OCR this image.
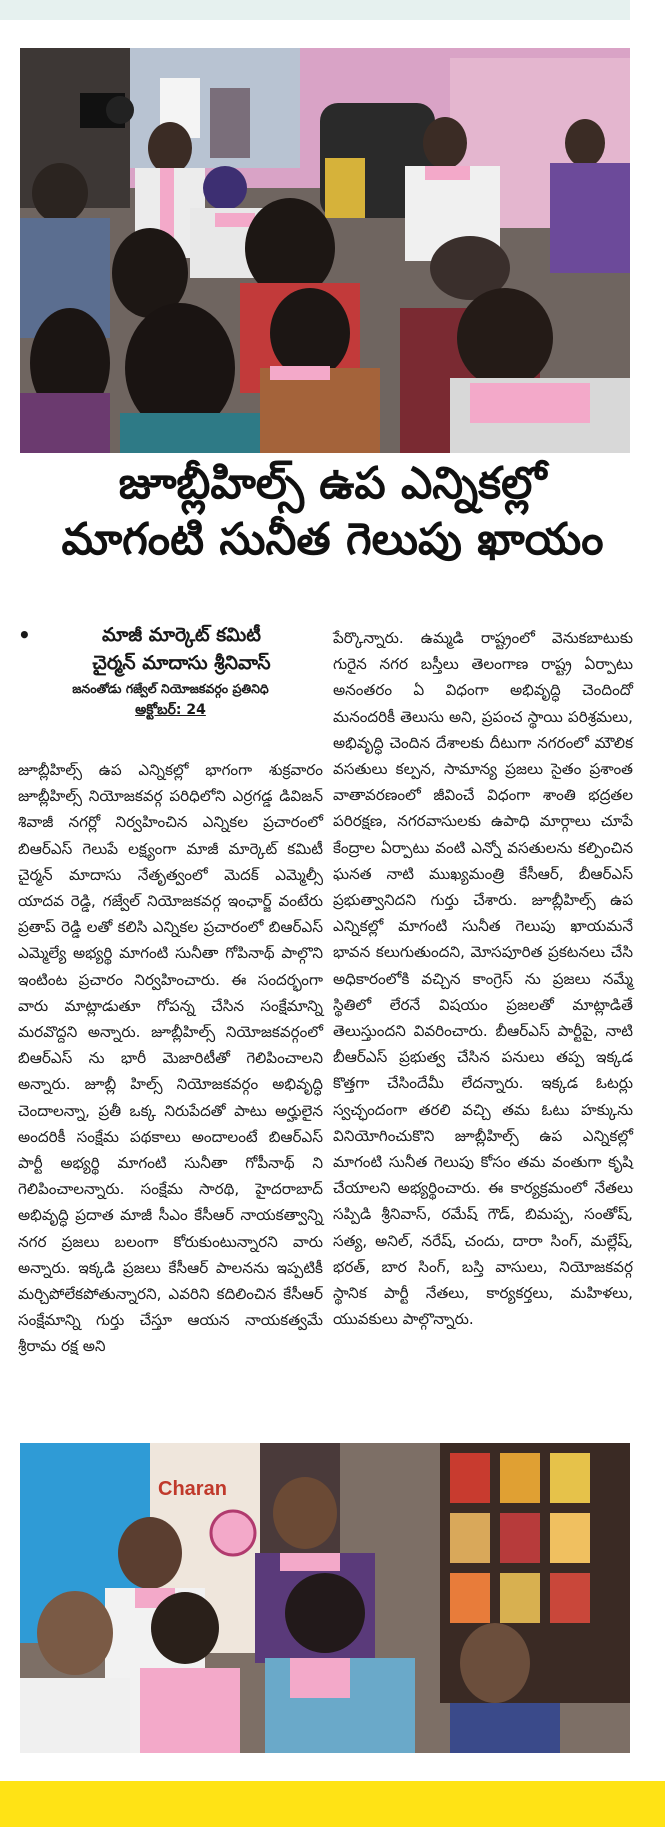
జూబ్లీహిల్స్ ఉప ఎన్నికల్లో
మాగంటి సునీత గెలుపు ఖాయం
•	మాజీ మార్కెట్ కమిటీ
చైర్మన్ మాదాసు శ్రీనివాస్
జనంతోడు గజ్వేల్ నియోజకవర్గం ప్రతినిధి
అక్టోబర్: 24
జూబ్లీహిల్స్ ఉప ఎన్నికల్లో భాగంగా శుక్రవారం జూబ్లీహిల్స్ నియోజకవర్గ పరిధిలోని ఎర్రగడ్డ డివిజన్ శివాజీ నగర్లో నిర్వహించిన ఎన్నికల ప్రచారంలో బిఆర్ఎస్ గెలుపే లక్ష్యంగా మాజీ మార్కెట్ కమిటీ చైర్మన్ మాదాసు నేతృత్వంలో మెదక్ ఎమ్మెల్సీ యాదవ రెడ్డి, గజ్వేల్ నియోజకవర్గ ఇంఛార్జ్ వంటేరు ప్రతాప్ రెడ్డి లతో కలిసి ఎన్నికల ప్రచారంలో బిఆర్ఎస్ ఎమ్మెల్యే అభ్యర్థి మాగంటి సునీతా గోపినాథ్ పాల్గొని ఇంటింట ప్రచారం నిర్వహించారు. ఈ సందర్భంగా వారు మాట్లాడుతూ గోపన్న చేసిన సంక్షేమాన్ని మరవొద్దని అన్నారు. జూబ్లీహిల్స్ నియోజకవర్గంలో బిఆర్ఎస్ ను భారీ మెజారిటీతో గెలిపించాలని అన్నారు. జూబ్లీ హిల్స్ నియోజకవర్గం అభివృద్ధి చెందాలన్నా, ప్రతీ ఒక్క నిరుపేదతో పాటు అర్హులైన అందరికీ సంక్షేమ పథకాలు అందాలంటే బిఆర్ఎస్ పార్టీ అభ్యర్థి మాగంటి సునీతా గోపీనాథ్ ని గెలిపించాలన్నారు. సంక్షేమ సారథి, హైదరాబాద్ అభివృద్ధి ప్రదాత మాజీ సీఎం కేసీఆర్ నాయకత్వాన్ని నగర ప్రజలు బలంగా కోరుకుంటున్నారని వారు అన్నారు. ఇక్కడి ప్రజలు కేసీఆర్ పాలనను ఇప్పటికీ మర్చిపోలేకపోతున్నారని, ఎవరిని కదిలించిన కేసీఆర్ సంక్షేమాన్ని గుర్తు చేస్తూ ఆయన నాయకత్వమే శ్రీరామ రక్ష అని
పేర్కొన్నారు. ఉమ్మడి రాష్ట్రంలో వెనుకబాటుకు గురైన నగర బస్తీలు తెలంగాణ రాష్ట్ర ఏర్పాటు అనంతరం ఏ విధంగా అభివృద్ధి చెందిందో మనందరికీ తెలుసు అని, ప్రపంచ స్థాయి పరిశ్రమలు, అభివృద్ధి చెందిన దేశాలకు దీటుగా నగరంలో మౌలిక వసతులు కల్పన, సామాన్య ప్రజలు సైతం ప్రశాంత వాతావరణంలో జీవించే విధంగా శాంతి భద్రతల పరిరక్షణ, నగరవాసులకు ఉపాధి మార్గాలు చూపే కేంద్రాల ఏర్పాటు వంటి ఎన్నో వసతులను కల్పించిన ఘనత నాటి ముఖ్యమంత్రి కేసీఆర్, బీఆర్ఎస్ ప్రభుత్వానిదని గుర్తు చేశారు. జూబ్లీహిల్స్ ఉప ఎన్నికల్లో మాగంటి సునీత గెలుపు ఖాయమనే భావన కలుగుతుందని, మోసపూరిత ప్రకటనలు చేసి అధికారంలోకి వచ్చిన కాంగ్రెస్ ను ప్రజలు నమ్మే స్థితిలో లేరనే విషయం ప్రజలతో మాట్లాడితే తెలుస్తుందని వివరించారు. బీఆర్ఎస్ పార్టీపై, నాటి బీఆర్ఎస్ ప్రభుత్వ చేసిన పనులు తప్ప ఇక్కడ కొత్తగా చేసిందేమీ లేదన్నారు. ఇక్కడ ఓటర్లు స్వచ్ఛందంగా తరలి వచ్చి తమ ఓటు హక్కును వినియోగించుకొని జూబ్లీహిల్స్ ఉప ఎన్నికల్లో మాగంటి సునీత గెలుపు కోసం తమ వంతుగా కృషి చేయాలని అభ్యర్థించారు. ఈ కార్యక్రమంలో నేతలు సప్పిడి శ్రీనివాస్, రమేష్ గౌడ్, బిమప్ప, సంతోష్, సత్య, అనిల్, నరేష్, చందు, దారా సింగ్, మల్లేష్, భరత్, బార సింగ్, బస్తి వాసులు, నియోజకవర్గ స్థానిక పార్టీ నేతలు, కార్యకర్తలు, మహిళలు, యువకులు పాల్గొన్నారు.
Charan
